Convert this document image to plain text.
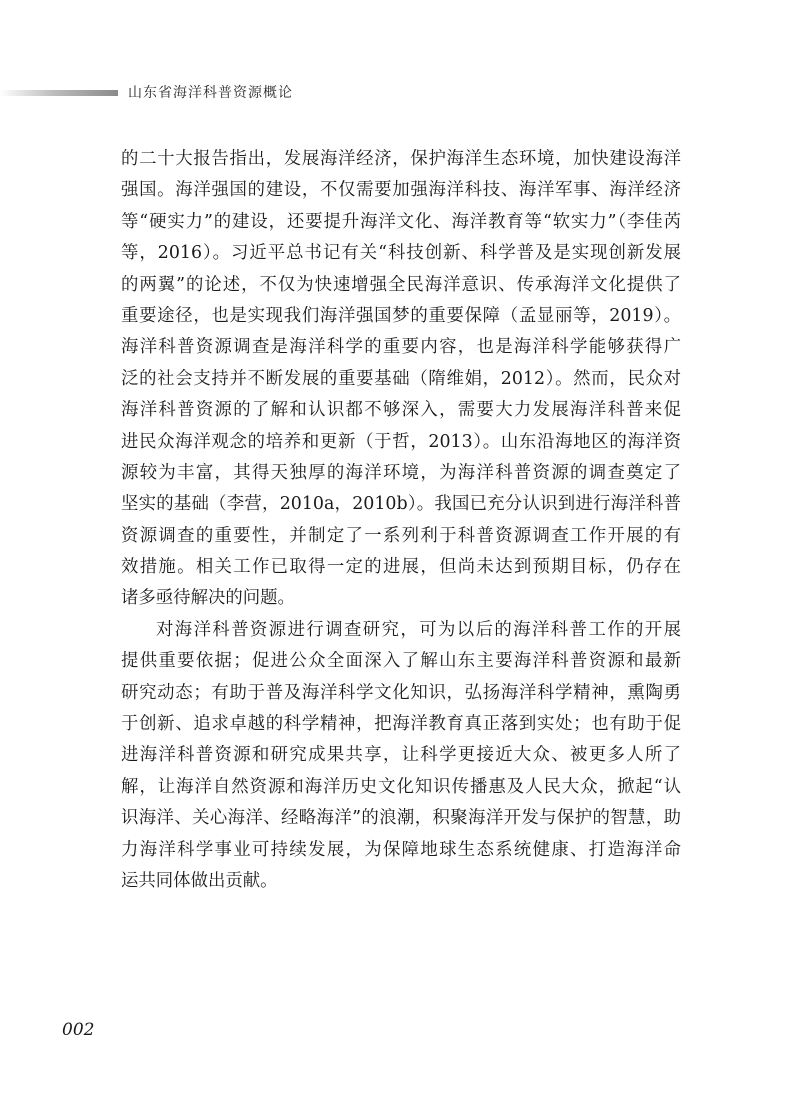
山东省海洋科普资源概论
的二十大报告指出，发展海洋经济，保护海洋生态环境，加快建设海洋
强国。海洋强国的建设，不仅需要加强海洋科技、海洋军事、海洋经济
等“硬实力”的建设，还要提升海洋文化、海洋教育等“软实力”（李佳芮
等，2016）。习近平总书记有关“科技创新、科学普及是实现创新发展
的两翼”的论述，不仅为快速增强全民海洋意识、传承海洋文化提供了
重要途径，也是实现我们海洋强国梦的重要保障（孟显丽等，2019）。
海洋科普资源调查是海洋科学的重要内容，也是海洋科学能够获得广
泛的社会支持并不断发展的重要基础（隋维娟，2012）。然而，民众对
海洋科普资源的了解和认识都不够深入，需要大力发展海洋科普来促
进民众海洋观念的培养和更新（于哲，2013）。山东沿海地区的海洋资
源较为丰富，其得天独厚的海洋环境，为海洋科普资源的调查奠定了
坚实的基础（李营，2010a，2010b）。我国已充分认识到进行海洋科普
资源调查的重要性，并制定了一系列利于科普资源调查工作开展的有
效措施。相关工作已取得一定的进展，但尚未达到预期目标，仍存在
诸多亟待解决的问题。
对海洋科普资源进行调查研究，可为以后的海洋科普工作的开展
提供重要依据；促进公众全面深入了解山东主要海洋科普资源和最新
研究动态；有助于普及海洋科学文化知识，弘扬海洋科学精神，熏陶勇
于创新、追求卓越的科学精神，把海洋教育真正落到实处；也有助于促
进海洋科普资源和研究成果共享，让科学更接近大众、被更多人所了
解，让海洋自然资源和海洋历史文化知识传播惠及人民大众，掀起“认
识海洋、关心海洋、经略海洋”的浪潮，积聚海洋开发与保护的智慧，助
力海洋科学事业可持续发展，为保障地球生态系统健康、打造海洋命
运共同体做出贡献。
002
